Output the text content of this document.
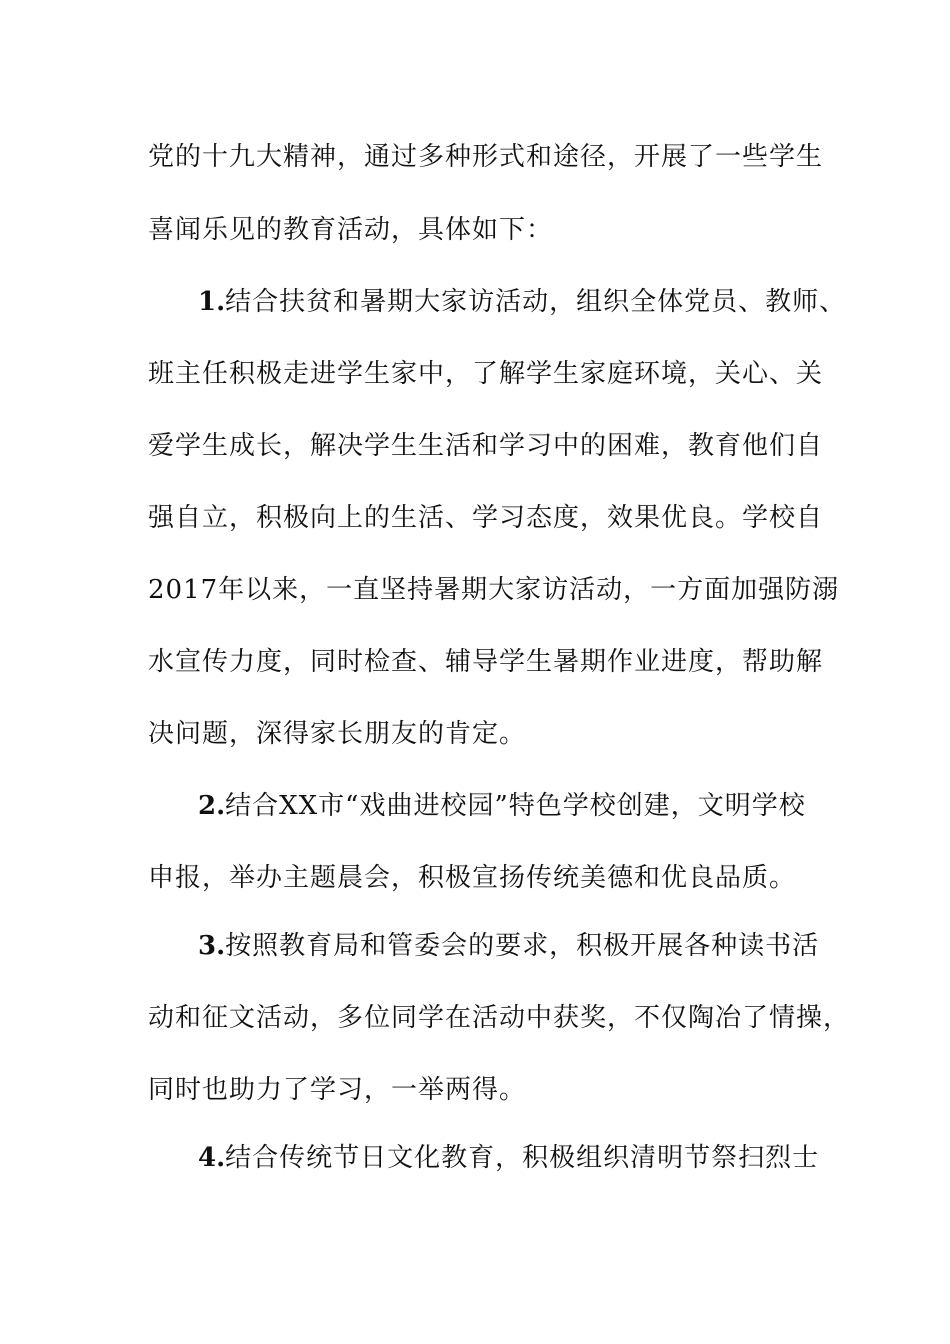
党的十九大精神，通过多种形式和途径，开展了一些学生
喜闻乐见的教育活动，具体如下：
1.结合扶贫和暑期大家访活动，组织全体党员、教师、
班主任积极走进学生家中，了解学生家庭环境，关心、关
爱学生成长，解决学生生活和学习中的困难，教育他们自
强自立，积极向上的生活、学习态度，效果优良。学校自
2017年以来，一直坚持暑期大家访活动，一方面加强防溺
水宣传力度，同时检查、辅导学生暑期作业进度，帮助解
决问题，深得家长朋友的肯定。
2.结合XX市“戏曲进校园”特色学校创建，文明学校
申报，举办主题晨会，积极宣扬传统美德和优良品质。
3.按照教育局和管委会的要求，积极开展各种读书活
动和征文活动，多位同学在活动中获奖，不仅陶冶了情操，
同时也助力了学习，一举两得。
4.结合传统节日文化教育，积极组织清明节祭扫烈士
